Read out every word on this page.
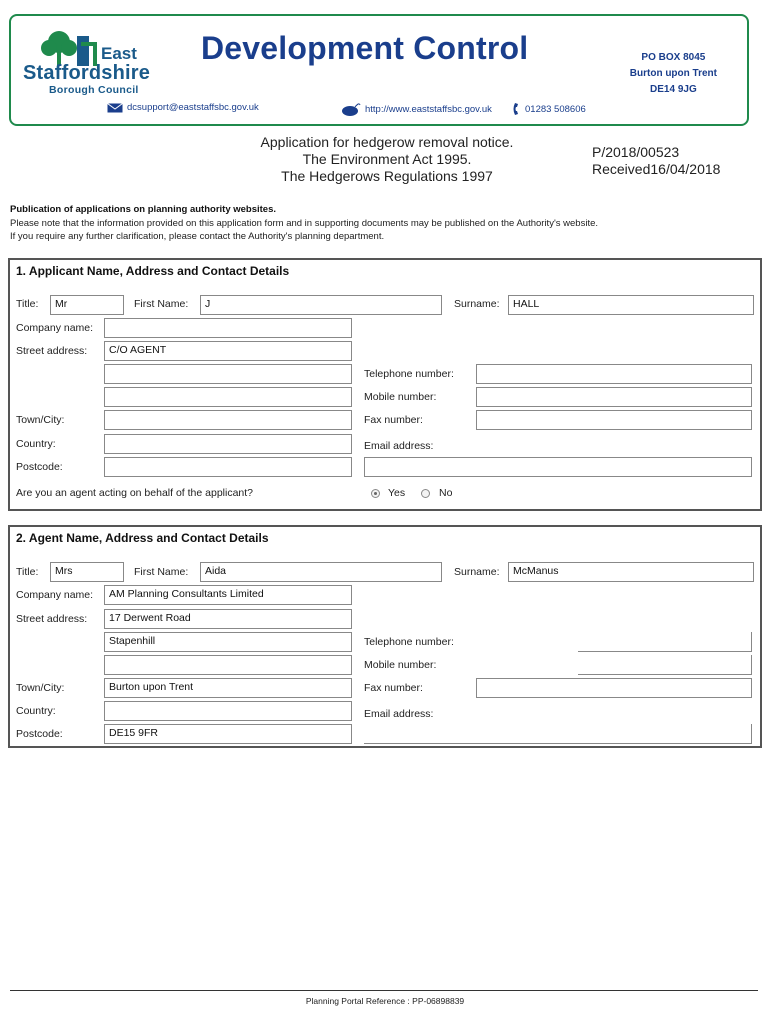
East
Staffordshire
Borough Council
Development Control	PO BOX 8045
Burton upon Trent
DE14 9JG
dcsupport@eaststaffsbc.gov.uk	http://www.eaststaffsbc.gov.uk	01283 508606
Application for hedgerow removal notice.
The Environment Act 1995.
The Hedgerows Regulations 1997
P/2018/00523
Received16/04/2018
Publication of applications on planning authority websites.
Please note that the information provided on this application form and in supporting documents may be published on the Authority's website.
If you require any further clarification, please contact the Authority's planning department.
1. Applicant Name, Address and Contact Details
Title:	Mr	First Name:	J	Surname:	HALL
Company name:
Street address:	C/O AGENT
Telephone number:
Mobile number:
Town/City:	Fax number:
Country:	Email address:
Postcode:
Are you an agent acting on behalf of the applicant?	Yes	No
2. Agent Name, Address and Contact Details
Title:	Mrs	First Name:	Aida	Surname:	McManus
Company name:	AM Planning Consultants Limited
Street address:	17 Derwent Road
Stapenhill	Telephone number:
Mobile number:
Town/City:	Burton upon Trent	Fax number:
Country:	Email address:
Postcode:	DE15 9FR
Planning Portal Reference : PP-06898839
